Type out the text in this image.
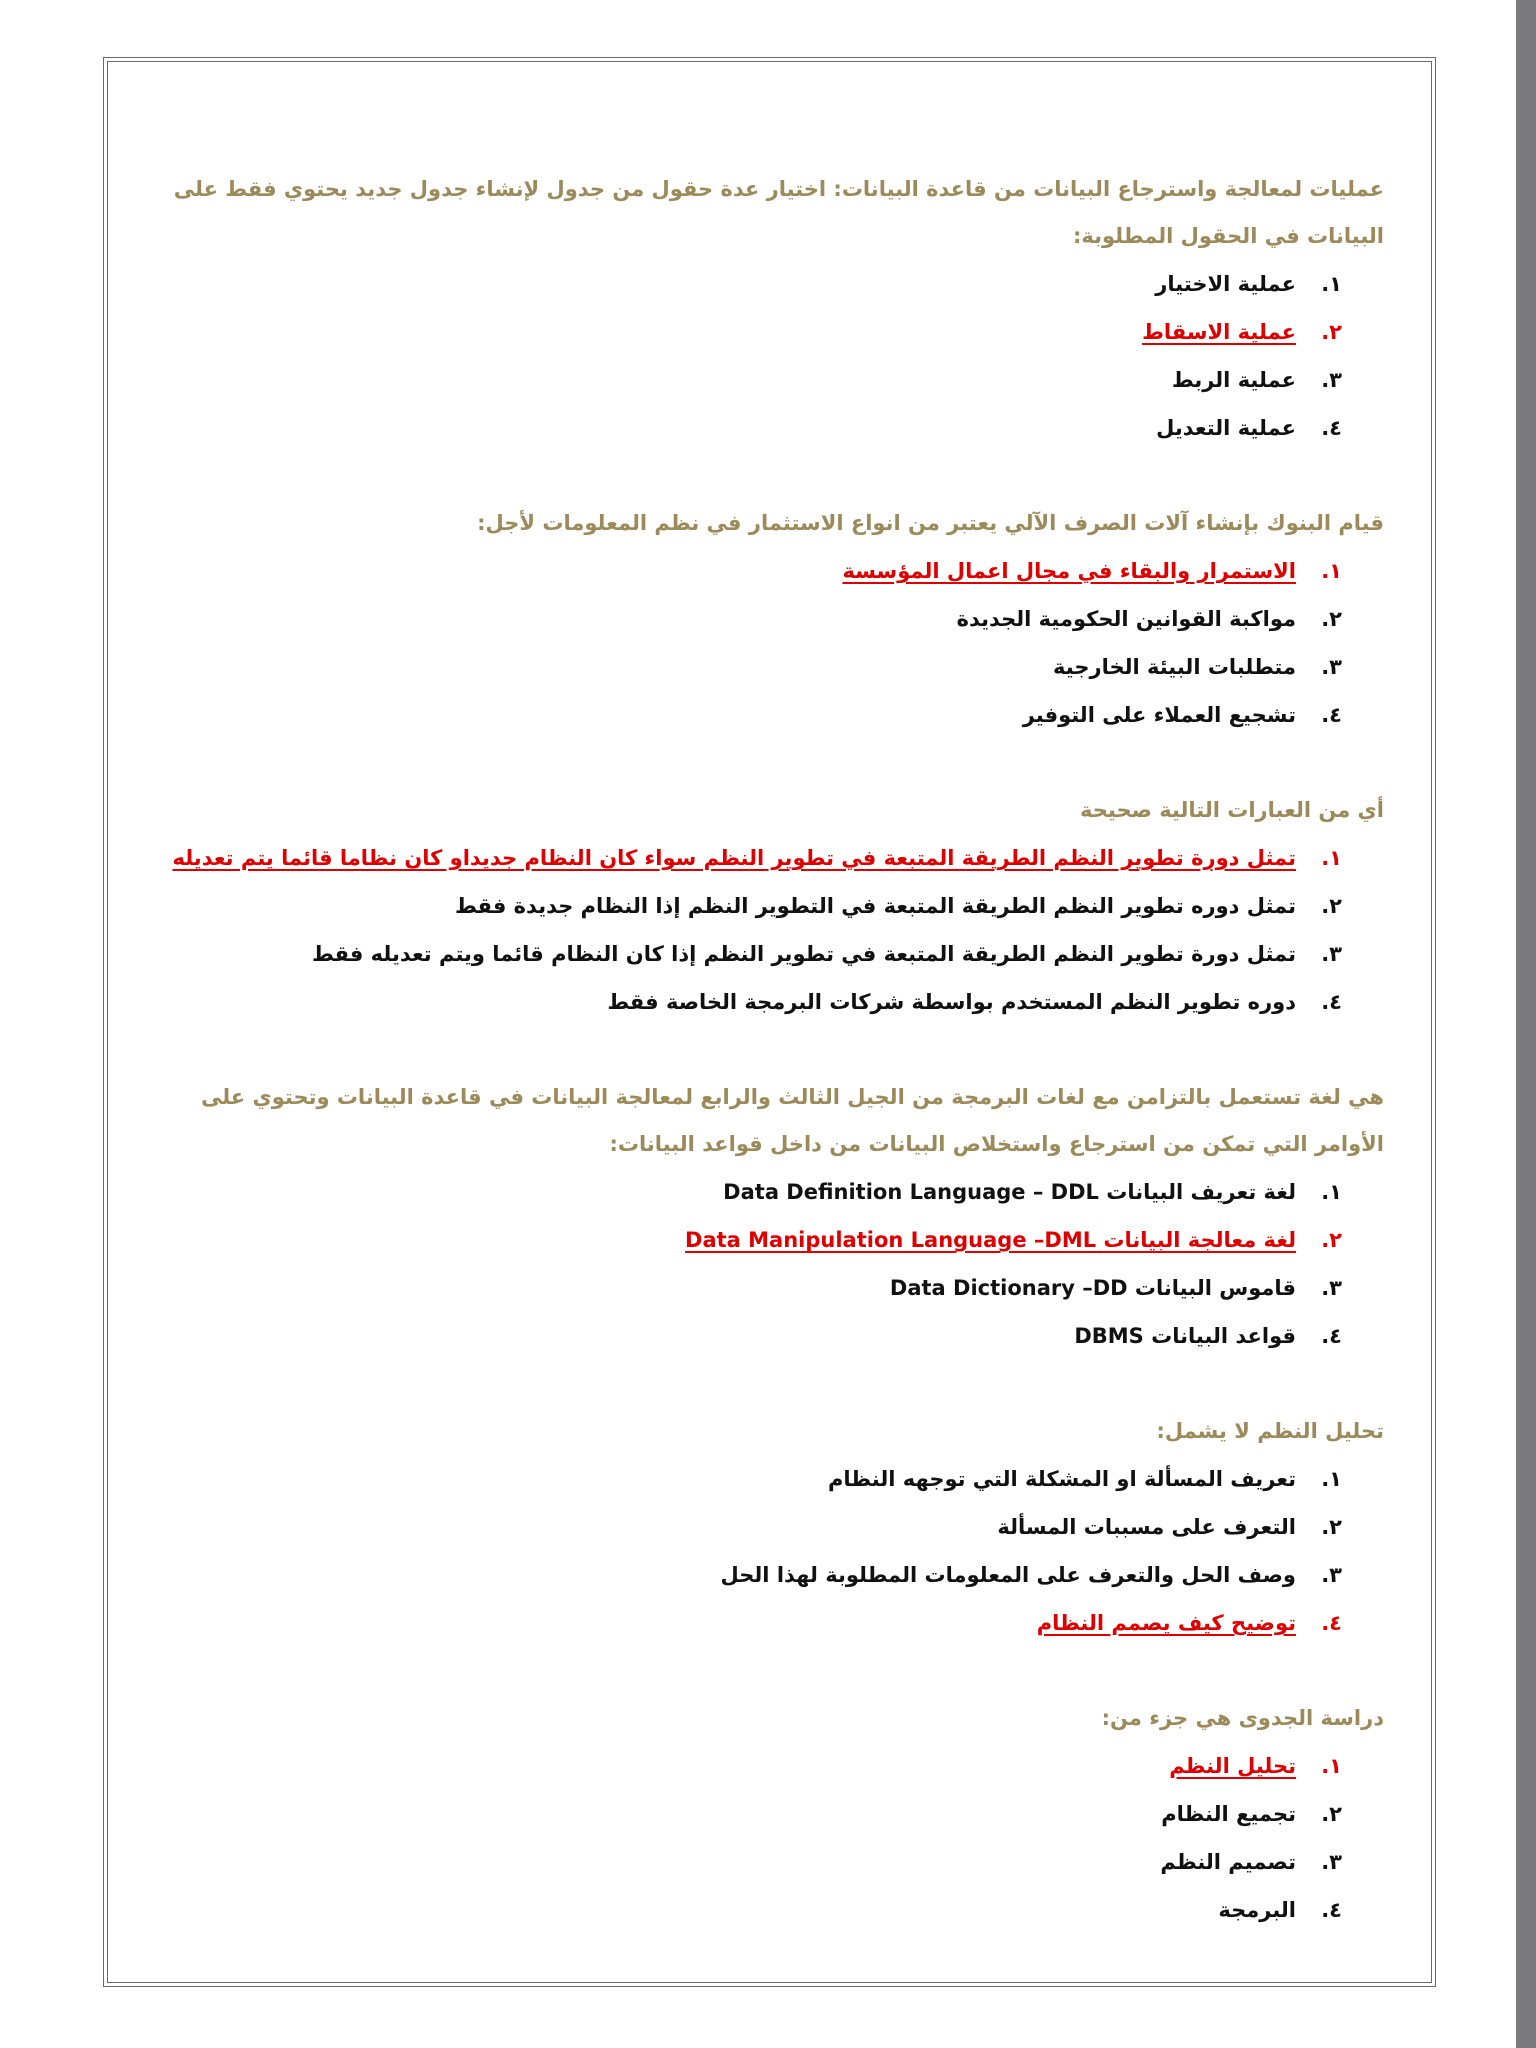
عمليات لمعالجة واسترجاع البيانات من قاعدة البيانات: اختيار عدة حقول من جدول لإنشاء جدول جديد يحتوي فقط على البيانات في الحقول المطلوبة:

١.
عملية الاختيار
٢.
عملية الاسقاط
٣.
عملية الربط
٤.
عملية التعديل

قيام البنوك بإنشاء آلات الصرف الآلي يعتبر من انواع الاستثمار في نظم المعلومات لأجل:

١.
الاستمرار والبقاء في مجال اعمال المؤسسة
٢.
مواكبة القوانين الحكومية الجديدة
٣.
متطلبات البيئة الخارجية
٤.
تشجيع العملاء على التوفير

أي من العبارات التالية صحيحة

١.
تمثل دورة تطوير النظم الطريقة المتبعة في تطوير النظم سواء كان النظام جديداو كان نظاما قائما يتم تعديله
٢.
تمثل دوره تطوير النظم الطريقة المتبعة في التطوير النظم إذا النظام جديدة فقط
٣.
تمثل دورة تطوير النظم الطريقة المتبعة في تطوير النظم إذا كان النظام قائما ويتم تعديله فقط
٤.
دوره تطوير النظم المستخدم بواسطة شركات البرمجة الخاصة فقط

هي لغة تستعمل بالتزامن مع لغات البرمجة من الجيل الثالث والرابع لمعالجة البيانات في قاعدة البيانات وتحتوي على الأوامر التي تمكن من استرجاع واستخلاص البيانات من داخل قواعد البيانات:

١.
لغة تعريف البيانات Data Definition Language – DDL
٢.
لغة معالجة البيانات Data Manipulation Language –DML
٣.
قاموس البيانات Data Dictionary –DD
٤.
قواعد البيانات DBMS

تحليل النظم لا يشمل:

١.
تعريف المسألة او المشكلة التي توجهه النظام
٢.
التعرف على مسببات المسألة
٣.
وصف الحل والتعرف على المعلومات المطلوبة لهذا الحل
٤.
توضيح كيف يصمم النظام

دراسة الجدوى هي جزء من:

١.
تحليل النظم
٢.
تجميع النظام
٣.
تصميم النظم
٤.
البرمجة
